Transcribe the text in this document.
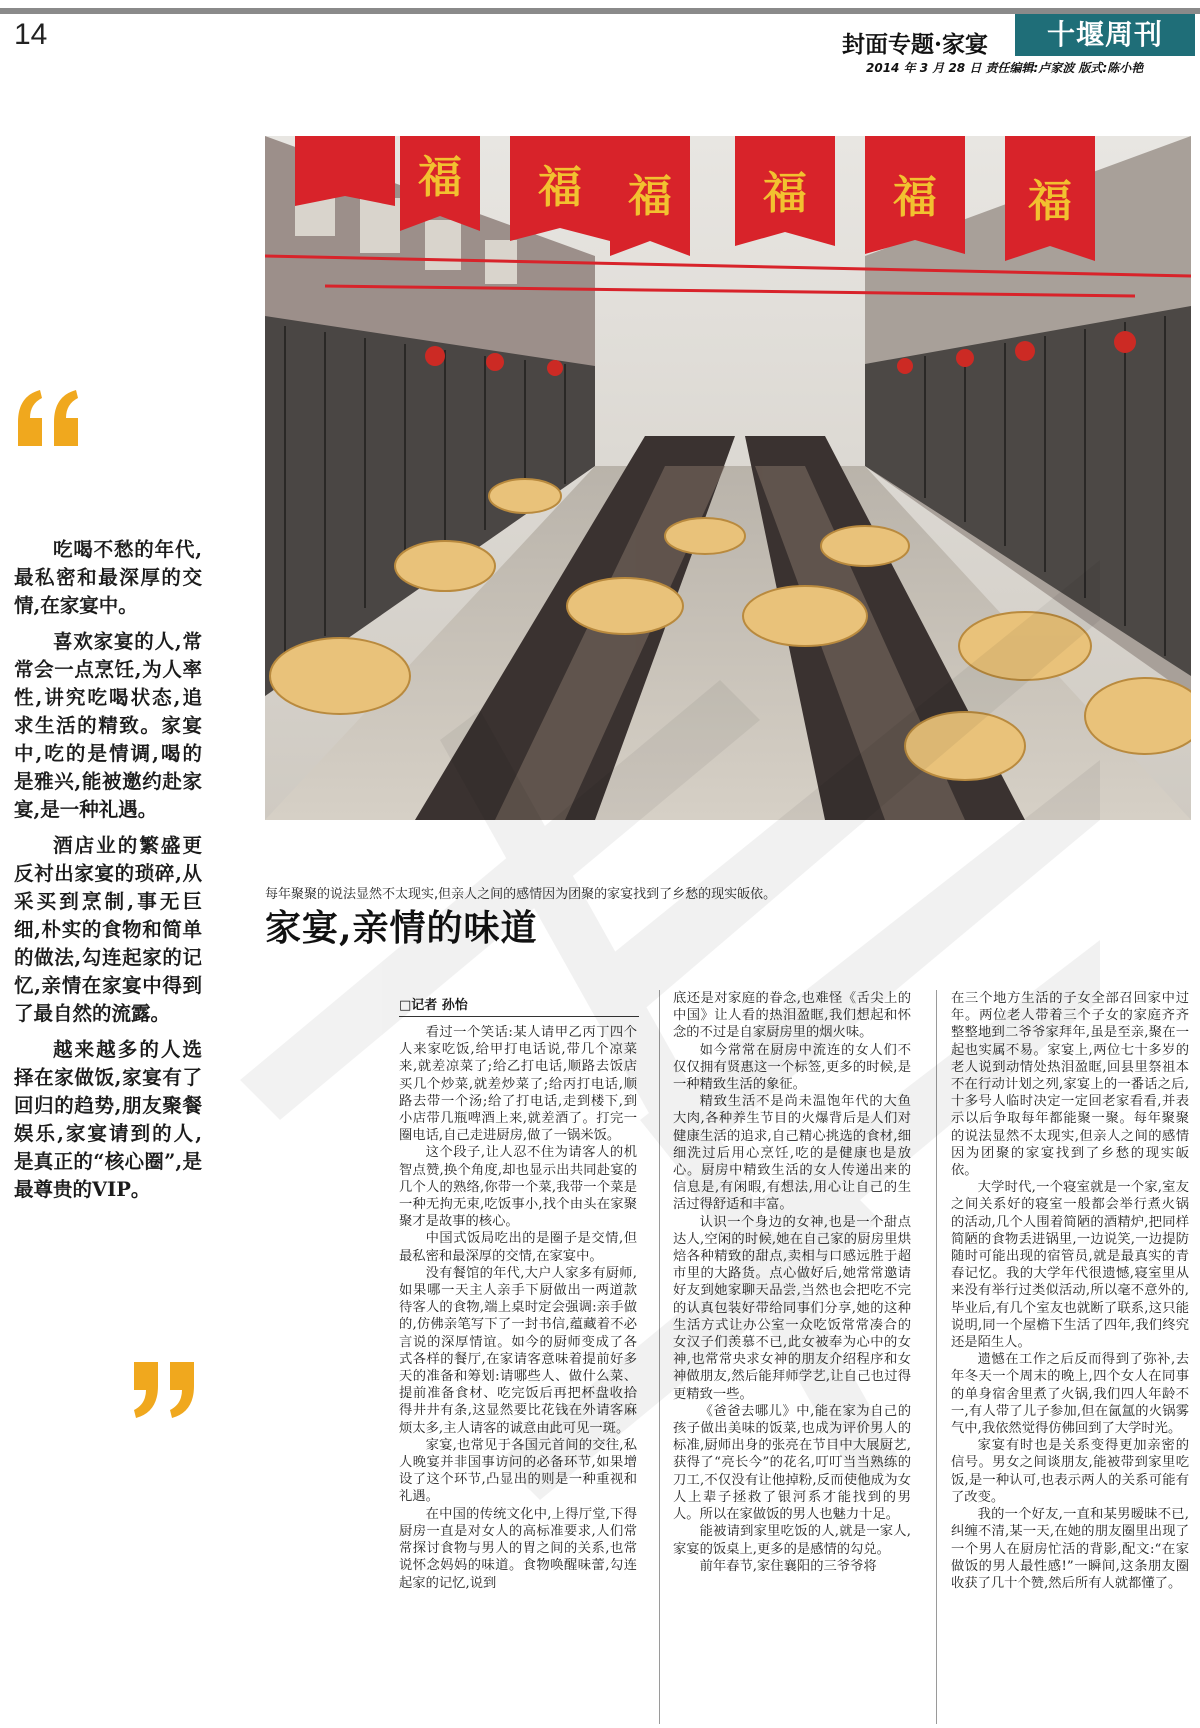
14	封面专题·家宴	十堰周刊
2014 年 3 月 28 日 责任编辑:卢家波 版式:陈小艳
福 福 福 福
福 福

吃喝不愁的年代,最私密和最深厚的交情,在家宴中。

喜欢家宴的人,常常会一点烹饪,为人率性,讲究吃喝状态,追求生活的精致。家宴中,吃的是情调,喝的是雅兴,能被邀约赴家宴,是一种礼遇。

酒店业的繁盛更反衬出家宴的琐碎,从采买到烹制,事无巨细,朴实的食物和简单的做法,勾连起家的记忆,亲情在家宴中得到了最自然的流露。

越来越多的人选择在家做饭,家宴有了回归的趋势,朋友聚餐娱乐,家宴请到的人,是真正的“核心圈”,是最尊贵的VIP。

每年聚聚的说法显然不太现实,但亲人之间的感情因为团聚的家宴找到了乡愁的现实皈依。
家宴,亲情的味道
□记者 孙怡

看过一个笑话:某人请甲乙丙丁四个人来家吃饭,给甲打电话说,带几个凉菜来,就差凉菜了;给乙打电话,顺路去饭店买几个炒菜,就差炒菜了;给丙打电话,顺路去带一个汤;给了打电话,走到楼下,到小店带几瓶啤酒上来,就差酒了。打完一圈电话,自己走进厨房,做了一锅米饭。

这个段子,让人忍不住为请客人的机智点赞,换个角度,却也显示出共同赴宴的几个人的熟络,你带一个菜,我带一个菜是一种无拘无束,吃饭事小,找个由头在家聚聚才是故事的核心。

中国式饭局吃出的是圈子是交情,但最私密和最深厚的交情,在家宴中。

没有餐馆的年代,大户人家多有厨师,如果哪一天主人亲手下厨做出一两道款待客人的食物,端上桌时定会强调:亲手做的,仿佛亲笔写下了一封书信,蕴藏着不必言说的深厚情谊。如今的厨师变成了各式各样的餐厅,在家请客意味着提前好多天的准备和筹划:请哪些人、做什么菜、提前准备食材、吃完饭后再把杯盘收拾得井井有条,这显然要比花钱在外请客麻烦太多,主人请客的诚意由此可见一斑。

家宴,也常见于各国元首间的交往,私人晚宴并非国事访问的必备环节,如果增设了这个环节,凸显出的则是一种重视和礼遇。

在中国的传统文化中,上得厅堂,下得厨房一直是对女人的高标准要求,人们常常探讨食物与男人的胃之间的关系,也常说怀念妈妈的味道。食物唤醒味蕾,勾连起家的记忆,说到

底还是对家庭的眷念,也难怪《舌尖上的中国》让人看的热泪盈眶,我们想起和怀念的不过是自家厨房里的烟火味。

如今常常在厨房中流连的女人们不仅仅拥有贤惠这一个标签,更多的时候,是一种精致生活的象征。

精致生活不是尚未温饱年代的大鱼大肉,各种养生节目的火爆背后是人们对健康生活的追求,自己精心挑选的食材,细细洗过后用心烹饪,吃的是健康也是放心。厨房中精致生活的女人传递出来的信息是,有闲暇,有想法,用心让自己的生活过得舒适和丰富。

认识一个身边的女神,也是一个甜点达人,空闲的时候,她在自己家的厨房里烘焙各种精致的甜点,卖相与口感远胜于超市里的大路货。点心做好后,她常常邀请好友到她家聊天品尝,当然也会把吃不完的认真包装好带给同事们分享,她的这种生活方式让办公室一众吃饭常常凑合的女汉子们羡慕不已,此女被奉为心中的女神,也常常央求女神的朋友介绍程序和女神做朋友,然后能拜师学艺,让自己也过得更精致一些。

《爸爸去哪儿》中,能在家为自己的孩子做出美味的饭菜,也成为评价男人的标准,厨师出身的张亮在节目中大展厨艺,获得了“亮长今”的花名,叮叮当当熟练的刀工,不仅没有让他掉粉,反而使他成为女人上辈子拯救了银河系才能找到的男人。所以在家做饭的男人也魅力十足。

能被请到家里吃饭的人,就是一家人,家宴的饭桌上,更多的是感情的勾兑。

前年春节,家住襄阳的三爷爷将

在三个地方生活的子女全部召回家中过年。两位老人带着三个子女的家庭齐齐整整地到二爷爷家拜年,虽是至亲,聚在一起也实属不易。家宴上,两位七十多岁的老人说到动情处热泪盈眶,回县里祭祖本不在行动计划之列,家宴上的一番话之后,十多号人临时决定一定回老家看看,并表示以后争取每年都能聚一聚。每年聚聚的说法显然不太现实,但亲人之间的感情因为团聚的家宴找到了乡愁的现实皈依。

大学时代,一个寝室就是一个家,室友之间关系好的寝室一般都会举行煮火锅的活动,几个人围着简陋的酒精炉,把同样简陋的食物丢进锅里,一边说笑,一边提防随时可能出现的宿管员,就是最真实的青春记忆。我的大学年代很遗憾,寝室里从来没有举行过类似活动,所以毫不意外的,毕业后,有几个室友也就断了联系,这只能说明,同一个屋檐下生活了四年,我们终究还是陌生人。

遗憾在工作之后反而得到了弥补,去年冬天一个周末的晚上,四个女人在同事的单身宿舍里煮了火锅,我们四人年龄不一,有人带了儿子参加,但在氤氲的火锅雾气中,我依然觉得仿佛回到了大学时光。

家宴有时也是关系变得更加亲密的信号。男女之间谈朋友,能被带到家里吃饭,是一种认可,也表示两人的关系可能有了改变。

我的一个好友,一直和某男暧昧不已,纠缠不清,某一天,在她的朋友圈里出现了一个男人在厨房忙活的背影,配文:“在家做饭的男人最性感!”一瞬间,这条朋友圈收获了几十个赞,然后所有人就都懂了。
